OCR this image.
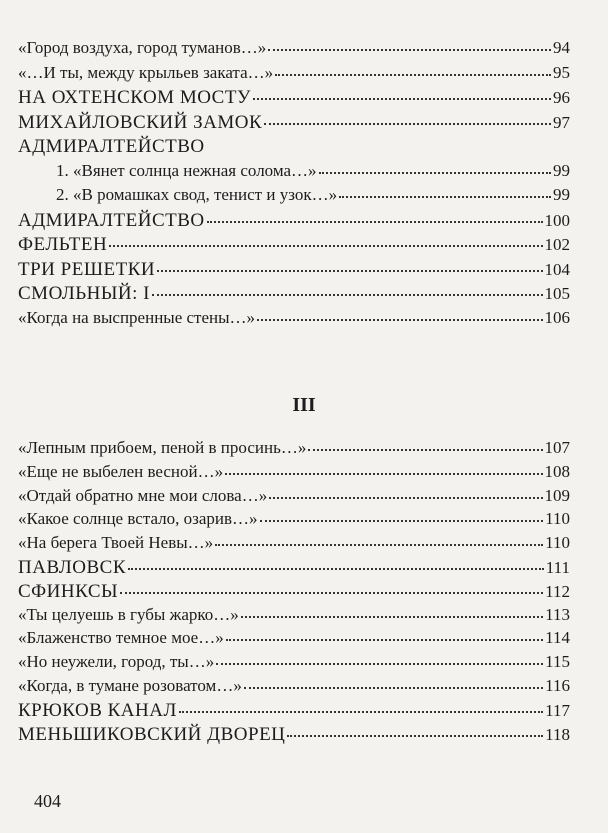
«Город воздуха, город туманов…»	94
«…И ты, между крыльев заката…»	95
НА ОХТЕНСКОМ МОСТУ	96
МИХАЙЛОВСКИЙ ЗАМОК	97
АДМИРАЛТЕЙСТВО
1. «Вянет солнца нежная солома…»	99
2. «В ромашках свод, тенист и узок…»	99
АДМИРАЛТЕЙСТВО	100
ФЕЛЬТЕН	102
ТРИ РЕШЕТКИ	104
СМОЛЬНЫЙ: I	105
«Когда на выспренные стены…»	106
III
«Лепным прибоем, пеной в просинь…»	107
«Еще не выбелен весной…»	108
«Отдай обратно мне мои слова…»	109
«Какое солнце встало, озарив…»	110
«На берега Твоей Невы…»	110
ПАВЛОВСК	111
СФИНКСЫ	112
«Ты целуешь в губы жарко…»	113
«Блаженство темное мое…»	114
«Но неужели, город, ты…»	115
«Когда, в тумане розоватом…»	116
КРЮКОВ КАНАЛ	117
МЕНЬШИКОВСКИЙ ДВОРЕЦ	118
404
